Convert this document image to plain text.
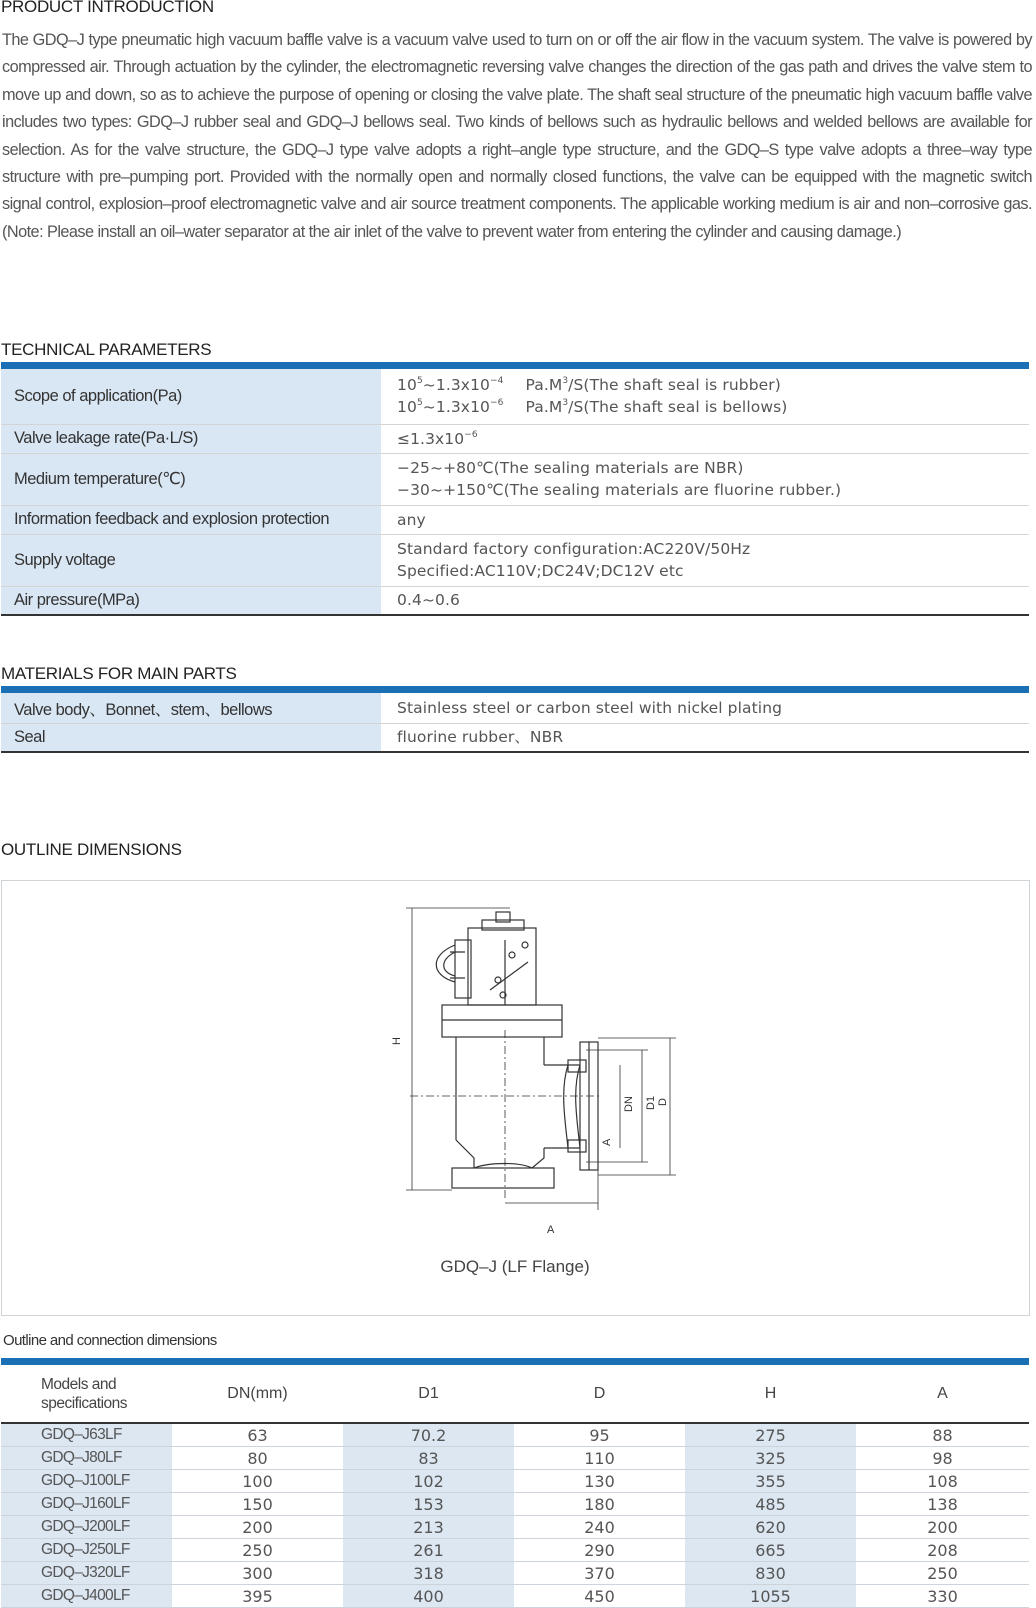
PRODUCT INTRODUCTION
The GDQ–J type pneumatic high vacuum baffle valve is a vacuum valve used to turn on or off the air flow in the vacuum system. The valve is powered by compressed air. Through actuation by the cylinder, the electromagnetic reversing valve changes the direction of the gas path and drives the valve stem to move up and down, so as to achieve the purpose of opening or closing the valve plate. The shaft seal structure of the pneumatic high vacuum baffle valve includes two types: GDQ–J rubber seal and GDQ–J bellows seal. Two kinds of bellows such as hydraulic bellows and welded bellows are available for selection. As for the valve structure, the GDQ–J type valve adopts a right–angle type structure, and the GDQ–S type valve adopts a three–way type structure with pre–pumping port. Provided with the normally open and normally closed functions, the valve can be equipped with the magnetic switch signal control, explosion–proof electromagnetic valve and air source treatment components. The applicable working medium is air and non–corrosive gas. (Note: Please install an oil–water separator at the air inlet of the valve to prevent water from entering the cylinder and causing damage.)
TECHNICAL PARAMETERS
Scope of application(Pa)	$10^5\sim 1.3x10^{-4}$ $Pa.M^3/S(The$ shaft seal is rubber)
$10^5\sim 1.3x10^{-6}$ $Pa.M^3/S(The$ shaft seal is bellows)

Valve leakage rate(Pa·L/S)	$\le 1.3x10^{-6}$
Medium temperature(℃)	−25~+80℃(The sealing materials are NBR)
−30~+150℃(The sealing materials are fluorine rubber.)

Information feedback and explosion protection	any
Supply voltage	Standard factory configuration:AC220V/50Hz
Specified:AC110V;DC24V;DC12V etc

Air pressure(MPa)	0.4~0.6
MATERIALS FOR MAIN PARTS
Valve body、Bonnet、stem、bellows	Stainless steel or carbon steel with nickel plating
Seal	fluorine rubber、NBR
OUTLINE DIMENSIONS
H
DN D1 D
A
A
GDQ–J (LF Flange)
Outline and connection dimensions
Models and
specifications	DN(mm)	D1	D	H	A
GDQ–J63LF	63	70.2	95	275	88
GDQ–J80LF	80	83	110	325	98
GDQ–J100LF	100	102	130	355	108
GDQ–J160LF	150	153	180	485	138
GDQ–J200LF	200	213	240	620	200
GDQ–J250LF	250	261	290	665	208
GDQ–J320LF	300	318	370	830	250
GDQ–J400LF	395	400	450	1055	330
